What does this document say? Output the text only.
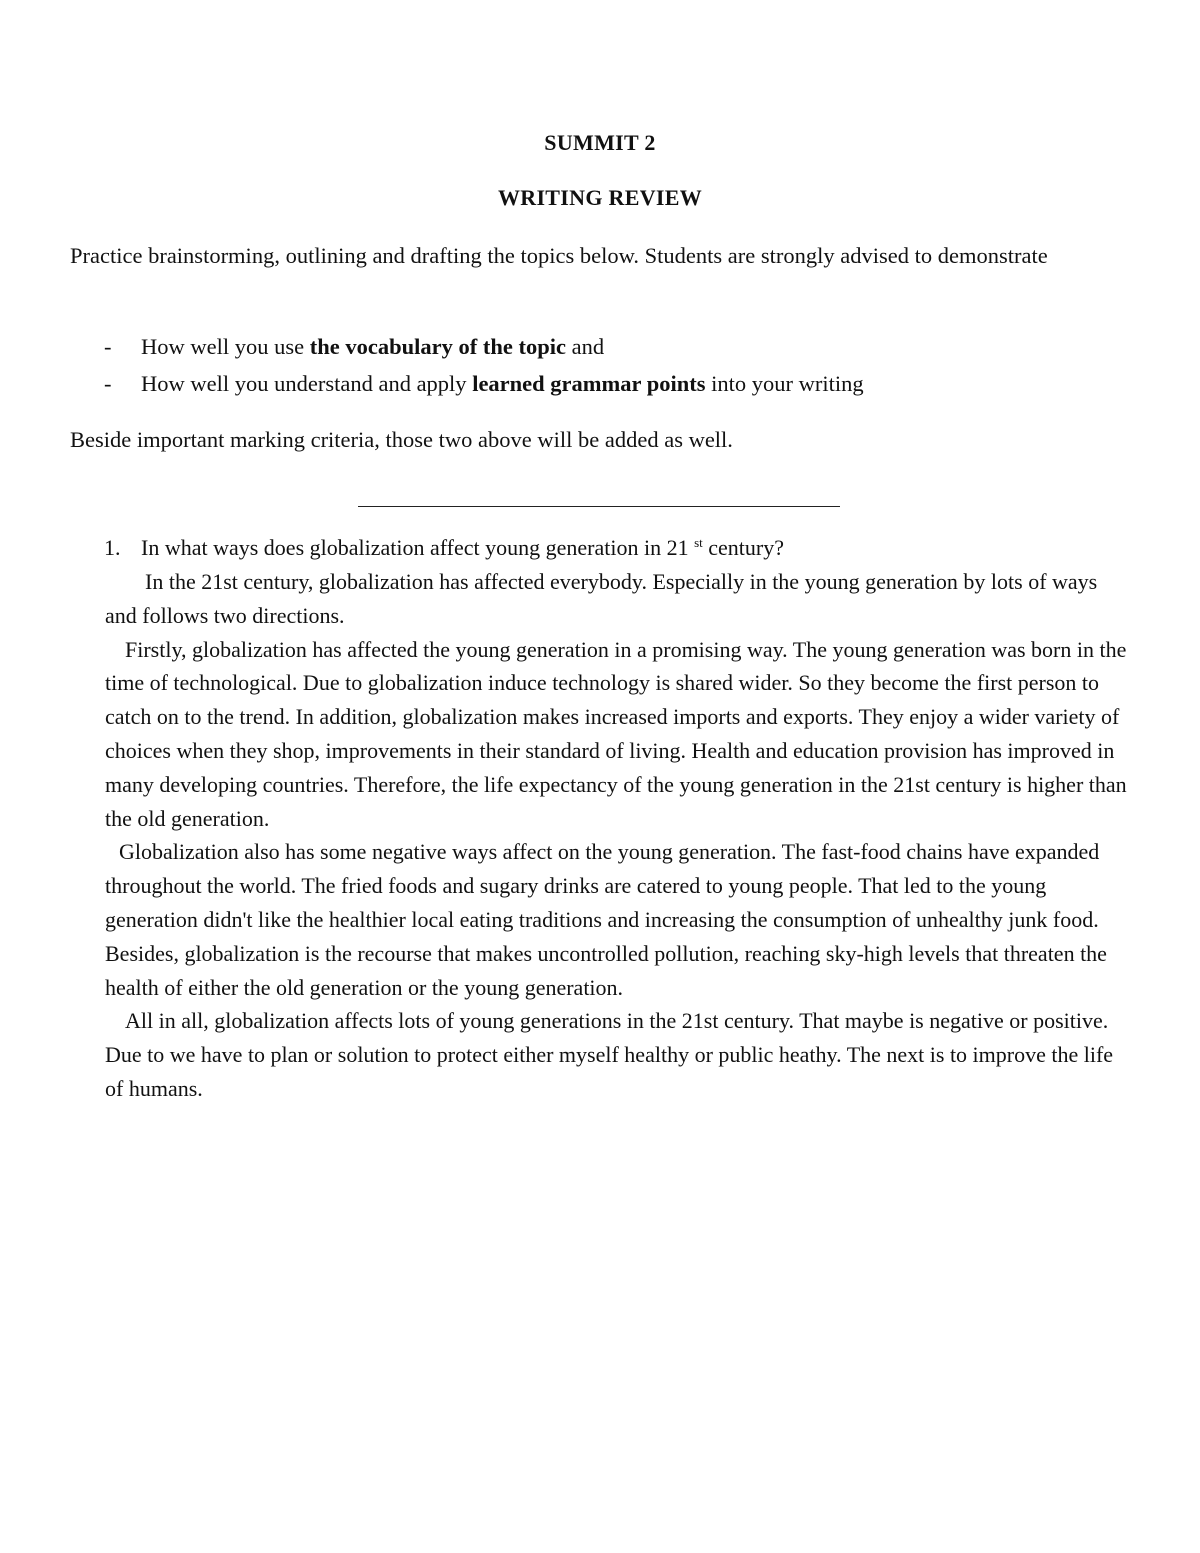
SUMMIT 2
WRITING REVIEW

Practice brainstorming, outlining and drafting the topics below. Students are strongly advised to demonstrate

- How well you use the vocabulary of the topic and
- How well you understand and apply learned grammar points into your writing

Beside important marking criteria, those two above will be added as well.

1. In what ways does globalization affect young generation in 21 $^{st}$ century?

In the 21st century, globalization has affected everybody. Especially in the young generation by lots of ways and follows two directions.

Firstly, globalization has affected the young generation in a promising way. The young generation was born in the time of technological. Due to globalization induce technology is shared wider. So they become the first person to catch on to the trend. In addition, globalization makes increased imports and exports. They enjoy a wider variety of choices when they shop, improvements in their standard of living. Health and education provision has improved in many developing countries. Therefore, the life expectancy of the young generation in the 21st century is higher than the old generation.

Globalization also has some negative ways affect on the young generation. The fast-food chains have expanded throughout the world. The fried foods and sugary drinks are catered to young people. That led to the young generation didn't like the healthier local eating traditions and increasing the consumption of unhealthy junk food. Besides, globalization is the recourse that makes uncontrolled pollution, reaching sky-high levels that threaten the health of either the old generation or the young generation.

All in all, globalization affects lots of young generations in the 21st century. That maybe is negative or positive. Due to we have to plan or solution to protect either myself healthy or public heathy. The next is to improve the life of humans.
